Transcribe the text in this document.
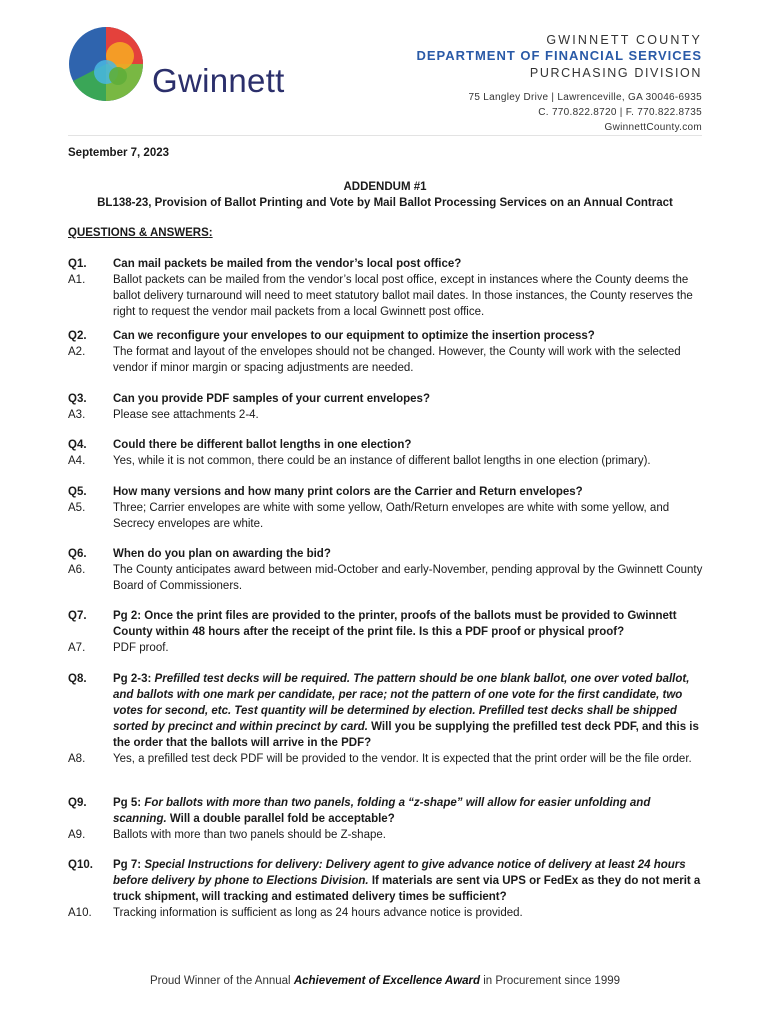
Gwinnett
GWINNETT COUNTY
DEPARTMENT OF FINANCIAL SERVICES
PURCHASING DIVISION
75 Langley Drive | Lawrenceville, GA 30046-6935
C. 770.822.8720 | F. 770.822.8735
GwinnettCounty.com
September 7, 2023
ADDENDUM #1
BL138-23, Provision of Ballot Printing and Vote by Mail Ballot Processing Services on an Annual Contract
QUESTIONS & ANSWERS:
Q1.	Can mail packets be mailed from the vendor’s local post office?
A1.	Ballot packets can be mailed from the vendor’s local post office, except in instances where the County deems the ballot delivery turnaround will need to meet statutory ballot mail dates. In those instances, the County reserves the right to request the vendor mail packets from a local Gwinnett post office.
Q2.	Can we reconfigure your envelopes to our equipment to optimize the insertion process?
A2.	The format and layout of the envelopes should not be changed. However, the County will work with the selected vendor if minor margin or spacing adjustments are needed.
Q3.	Can you provide PDF samples of your current envelopes?
A3.	Please see attachments 2-4.
Q4.	Could there be different ballot lengths in one election?
A4.	Yes, while it is not common, there could be an instance of different ballot lengths in one election (primary).
Q5.	How many versions and how many print colors are the Carrier and Return envelopes?
A5.	Three; Carrier envelopes are white with some yellow, Oath/Return envelopes are white with some yellow, and Secrecy envelopes are white.
Q6.	When do you plan on awarding the bid?
A6.	The County anticipates award between mid-October and early-November, pending approval by the Gwinnett County Board of Commissioners.
Q7.	Pg 2: Once the print files are provided to the printer, proofs of the ballots must be provided to Gwinnett County within 48 hours after the receipt of the print file. Is this a PDF proof or physical proof?
A7.	PDF proof.
Q8.	Pg 2-3: Prefilled test decks will be required. The pattern should be one blank ballot, one over voted ballot, and ballots with one mark per candidate, per race; not the pattern of one vote for the first candidate, two votes for second, etc. Test quantity will be determined by election. Prefilled test decks shall be shipped sorted by precinct and within precinct by card. Will you be supplying the prefilled test deck PDF, and this is the order that the ballots will arrive in the PDF?
A8.	Yes, a prefilled test deck PDF will be provided to the vendor. It is expected that the print order will be the file order.
Q9.	Pg 5: For ballots with more than two panels, folding a “z-shape” will allow for easier unfolding and scanning. Will a double parallel fold be acceptable?
A9.	Ballots with more than two panels should be Z-shape.
Q10.	Pg 7: Special Instructions for delivery: Delivery agent to give advance notice of delivery at least 24 hours before delivery by phone to Elections Division. If materials are sent via UPS or FedEx as they do not merit a truck shipment, will tracking and estimated delivery times be sufficient?
A10.	Tracking information is sufficient as long as 24 hours advance notice is provided.
Proud Winner of the Annual Achievement of Excellence Award in Procurement since 1999
